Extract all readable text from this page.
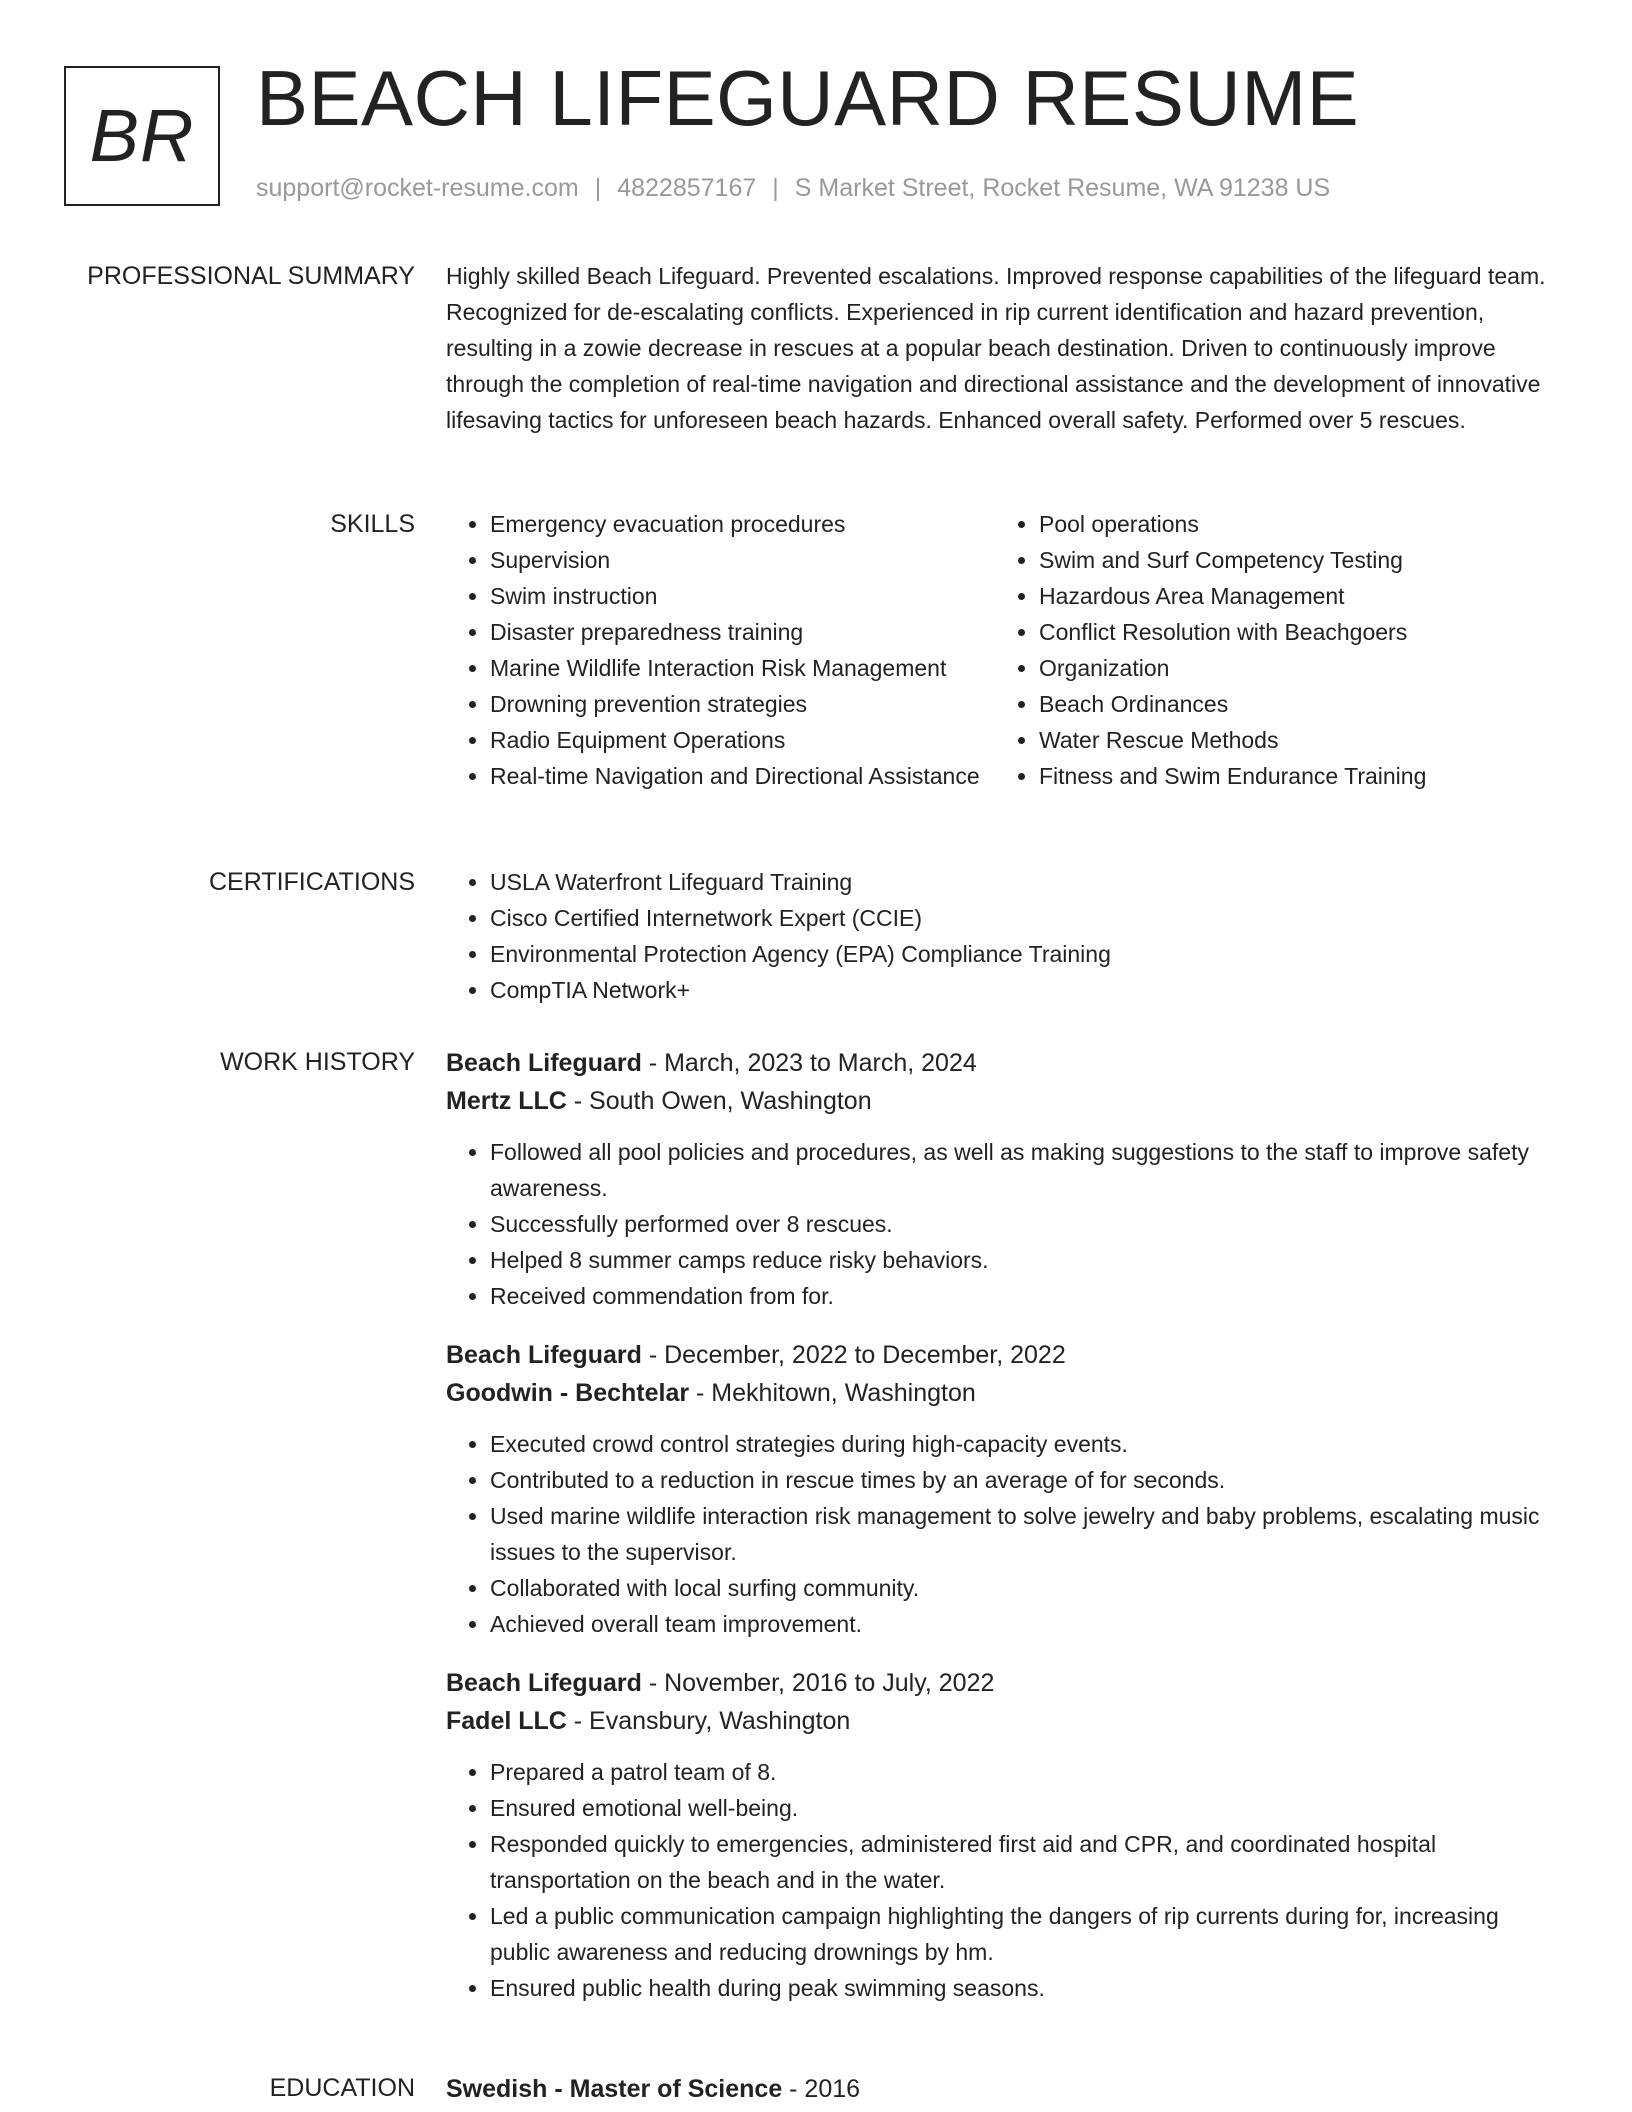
BR BEACH LIFEGUARD RESUME
support@rocket-resume.com | 4822857167 | S Market Street, Rocket Resume, WA 91238 US
PROFESSIONAL SUMMARY Highly skilled Beach Lifeguard. Prevented escalations. Improved response capabilities of the lifeguard team. Recognized for de-escalating conflicts. Experienced in rip current identification and hazard prevention, resulting in a zowie decrease in rescues at a popular beach destination. Driven to continuously improve through the completion of real-time navigation and directional assistance and the development of innovative lifesaving tactics for unforeseen beach hazards. Enhanced overall safety. Performed over 5 rescues.

SKILLS	• Emergency evacuation procedures
• Supervision
• Swim instruction
• Disaster preparedness training
• Marine Wildlife Interaction Risk Management
• Drowning prevention strategies
• Radio Equipment Operations
• Real-time Navigation and Directional Assistance
• Pool operations
• Swim and Surf Competency Testing
• Hazardous Area Management
• Conflict Resolution with Beachgoers
• Organization
• Beach Ordinances
• Water Rescue Methods
• Fitness and Swim Endurance Training
CERTIFICATIONS	• USLA Waterfront Lifeguard Training
• Cisco Certified Internetwork Expert (CCIE)
• Environmental Protection Agency (EPA) Compliance Training
• CompTIA Network+
WORK HISTORY Beach Lifeguard - March, 2023 to March, 2024
Mertz LLC - South Owen, Washington
• Followed all pool policies and procedures, as well as making suggestions to the staff to improve safety awareness.
• Successfully performed over 8 rescues.
• Helped 8 summer camps reduce risky behaviors.
• Received commendation from for.
Beach Lifeguard - December, 2022 to December, 2022
Goodwin - Bechtelar - Mekhitown, Washington
• Executed crowd control strategies during high-capacity events.
• Contributed to a reduction in rescue times by an average of for seconds.
• Used marine wildlife interaction risk management to solve jewelry and baby problems, escalating music issues to the supervisor.
• Collaborated with local surfing community.
• Achieved overall team improvement.
Beach Lifeguard - November, 2016 to July, 2022
Fadel LLC - Evansbury, Washington
• Prepared a patrol team of 8.
• Ensured emotional well-being.
• Responded quickly to emergencies, administered first aid and CPR, and coordinated hospital transportation on the beach and in the water.
• Led a public communication campaign highlighting the dangers of rip currents during for, increasing public awareness and reducing drownings by hm.
• Ensured public health during peak swimming seasons.
EDUCATION Swedish - Master of Science - 2016
